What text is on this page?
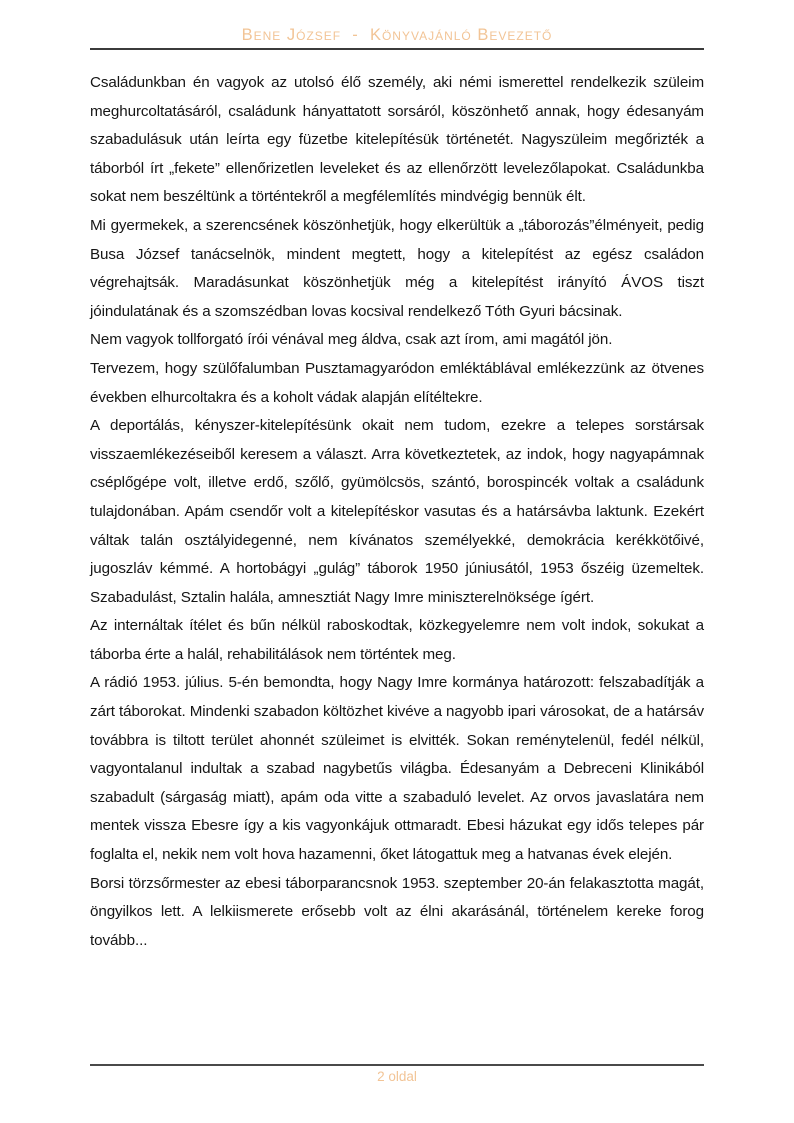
Bene József  -  Könyvajánló Bevezető

Családunkban én vagyok az utolsó élő személy, aki némi ismerettel rendelkezik szüleim meghurcoltatásáról, családunk hányattatott sorsáról, köszönhető annak, hogy édesanyám szabadulásuk után leírta egy füzetbe kitelepítésük történetét. Nagyszüleim megőrizték a táborból írt „fekete” ellenőrizetlen leveleket és az ellenőrzött levelezőlapokat. Családunkba sokat nem beszéltünk a történtekről a megfélemlítés mindvégig bennük élt.

Mi gyermekek, a szerencsének köszönhetjük, hogy elkerültük a „táborozás”élményeit, pedig Busa József tanácselnök, mindent megtett, hogy a kitelepítést az egész családon végrehajtsák. Maradásunkat köszönhetjük még a kitelepítést irányító ÁVOS tiszt jóindulatának és a szomszédban lovas kocsival rendelkező Tóth Gyuri bácsinak.

Nem vagyok tollforgató írói vénával meg áldva, csak azt írom, ami magától jön.

Tervezem, hogy szülőfalumban Pusztamagyaródon emléktáblával emlékezzünk az ötvenes években elhurcoltakra és a koholt vádak alapján elítéltekre.

A deportálás, kényszer-kitelepítésünk okait nem tudom, ezekre a telepes sorstársak visszaemlékezéseiből keresem a választ. Arra következtetek, az indok, hogy nagyapámnak cséplőgépe volt, illetve erdő, szőlő, gyümölcsös, szántó, borospincék voltak a családunk tulajdonában. Apám csendőr volt a kitelepítéskor vasutas és a határsávba laktunk. Ezekért váltak talán osztályidegenné, nem kívánatos személyekké, demokrácia kerékkötőivé, jugoszláv kémmé. A hortobágyi „gulág” táborok 1950 júniusától, 1953 őszéig üzemeltek. Szabadulást, Sztalin halála, amnesztiát Nagy Imre miniszterelnöksége ígért.

Az internáltak ítélet és bűn nélkül raboskodtak, közkegyelemre nem volt indok, sokukat a táborba érte a halál, rehabilitálások nem történtek meg.

A rádió 1953. július. 5-én bemondta, hogy Nagy Imre kormánya határozott: felszabadítják a zárt táborokat. Mindenki szabadon költözhet kivéve a nagyobb ipari városokat, de a határsáv továbbra is tiltott terület ahonnét szüleimet is elvitték. Sokan reménytelenül, fedél nélkül, vagyontalanul indultak a szabad nagybetűs világba. Édesanyám a Debreceni Klinikából szabadult (sárgaság miatt), apám oda vitte a szabaduló levelet. Az orvos javaslatára nem mentek vissza Ebesre így a kis vagyonkájuk ottmaradt. Ebesi házukat egy idős telepes pár foglalta el, nekik nem volt hova hazamenni, őket látogattuk meg a hatvanas évek elején.

Borsi törzsőrmester az ebesi táborparancsnok 1953. szeptember 20-án felakasztotta magát, öngyilkos lett. A lelkiismerete erősebb volt az élni akarásánál, történelem kereke forog tovább...

2 oldal
